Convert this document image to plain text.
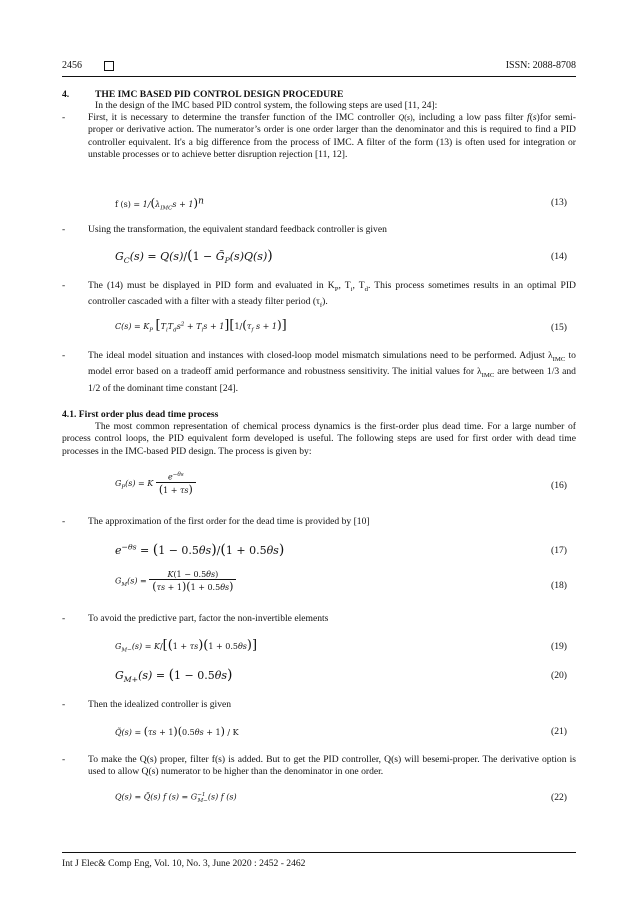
2456	ISSN: 2088-8708
4.	THE IMC BASED PID CONTROL DESIGN PROCEDURE
In the design of the IMC based PID control system, the following steps are used [11, 24]:
- First, it is necessary to determine the transfer function of the IMC controller Q(s), including a low pass filter f(s)for semi-proper or derivative action. The numerator’s order is one order larger than the denominator and this is required to find a PID controller equivalent. It's a big difference from the process of IMC. A filter of the form (13) is often used for integration or unstable processes or to achieve better disruption rejection [11, 12].
f $(s) = 1/(\lambda_{IMC}s + 1)^n$	(13)
- Using the transformation, the equivalent standard feedback controller is given
$G_C(s) = Q(s)/(1$ − $G̃_P(s)Q(s)$)	(14)
- The (14) must be displayed in PID form and evaluated in $K_P$, $T_i$, $T_d$. This process sometimes results in an optimal PID controller cascaded with a filter with a steady filter period $(\tau_f)$.
$C(s) = K_P$ $[T_iT_ds^2 + T_is + 1][1/(\tau_f$ s + 1)]	(15)
- The ideal model situation and instances with closed-loop model mismatch simulations need to be performed. Adjust $\lambda_{IMC}$ to model error based on a tradeoff amid performance and robustness sensitivity. The initial values for $\lambda_{IMC}$ are between 1/3 and 1/2 of the dominant time constant [24].
4.1. First order plus dead time process
The most common representation of chemical process dynamics is the first-order plus dead time. For a large number of process control loops, the PID equivalent form developed is useful. The following steps are used for first order with dead time processes in the IMC-based PID design. The process is given by:
$G_P(s) = K \frac{e^{-\theta s}}{(1 + \tau s)}$	(16)
- The approximation of the first order for the dead time is provided by [10]
$e^{-\theta s} = (1 - 0.5\theta s)/(1 + 0.5\theta s)$	(17)
$G_M(s) = \frac{K(1 - 0.5\theta s)}{(\tau s + 1)(1 + 0.5\theta s)}$	(18)
- To avoid the predictive part, factor the non-invertible elements
$G_{M-}(s) = K/[(1 + \tau s)(1 + 0.5\theta s)]$	(19)
$G_{M+}(s) = (1 - 0.5\theta s)$	(20)
- Then the idealized controller is given
Q̃(s) = (τs + 1)(0.5θs + 1) / K	(21)
- To make the Q(s) proper, filter f(s) is added. But to get the PID controller, Q(s) will besemi-proper. The derivative option is used to allow Q(s) numerator to be higher than the denominator in one order.
Q(s) = Q̃(s) f $(s) = G^{-1}_{M-}(s)$ f (s)	(22)
Int J Elec& Comp Eng, Vol. 10, No. 3, June 2020 : 2452 - 2462
